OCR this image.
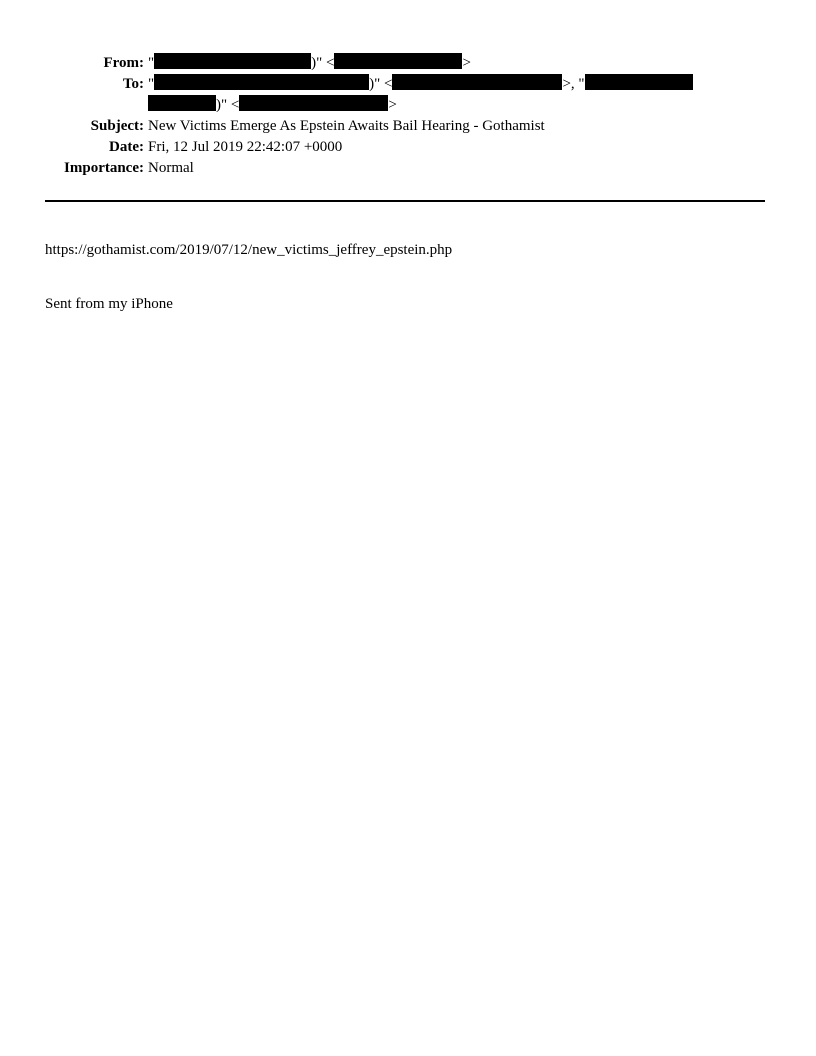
From: "	)" <	>
To: "	)" <	>, "
)" <	>
Subject: New Victims Emerge As Epstein Awaits Bail Hearing - Gothamist
Date: Fri, 12 Jul 2019 22:42:07 +0000
Importance: Normal
https://gothamist.com/2019/07/12/new_victims_jeffrey_epstein.php
Sent from my iPhone
